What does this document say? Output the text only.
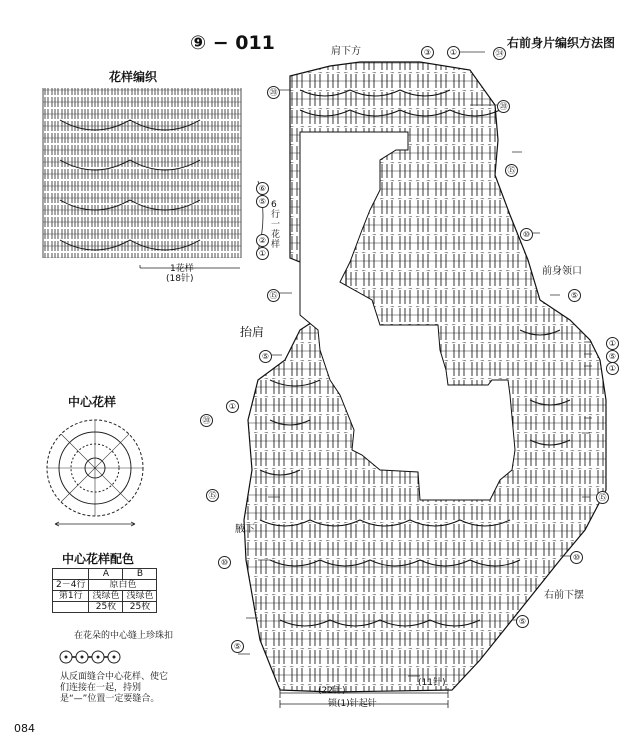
⑨ − 011	右前身片编织方法图
花样编织
⑥
⑤
②
①
6行一花样
1花样
(18针)
肩下方
抬肩
前身领口
腋下
右前下摆
(22针)
(11针)
锁(1)针起针
⑳
⑮
⑤
①
⑳
⑮
⑩
⑤
㉔
⑳
⑮
⑩
⑤
①
⑤
①
⑮
⑩
⑤
③	①
中心花样
中心花样配色
	A	B
2－4行	原白色	
第1行	浅绿色	浅绿色
	25枚	25枚
在花朵的中心缝上珍珠扣
从反面缝合中心花样、使它们连接在一起，持别是“—”位置一定要缝合。
084
